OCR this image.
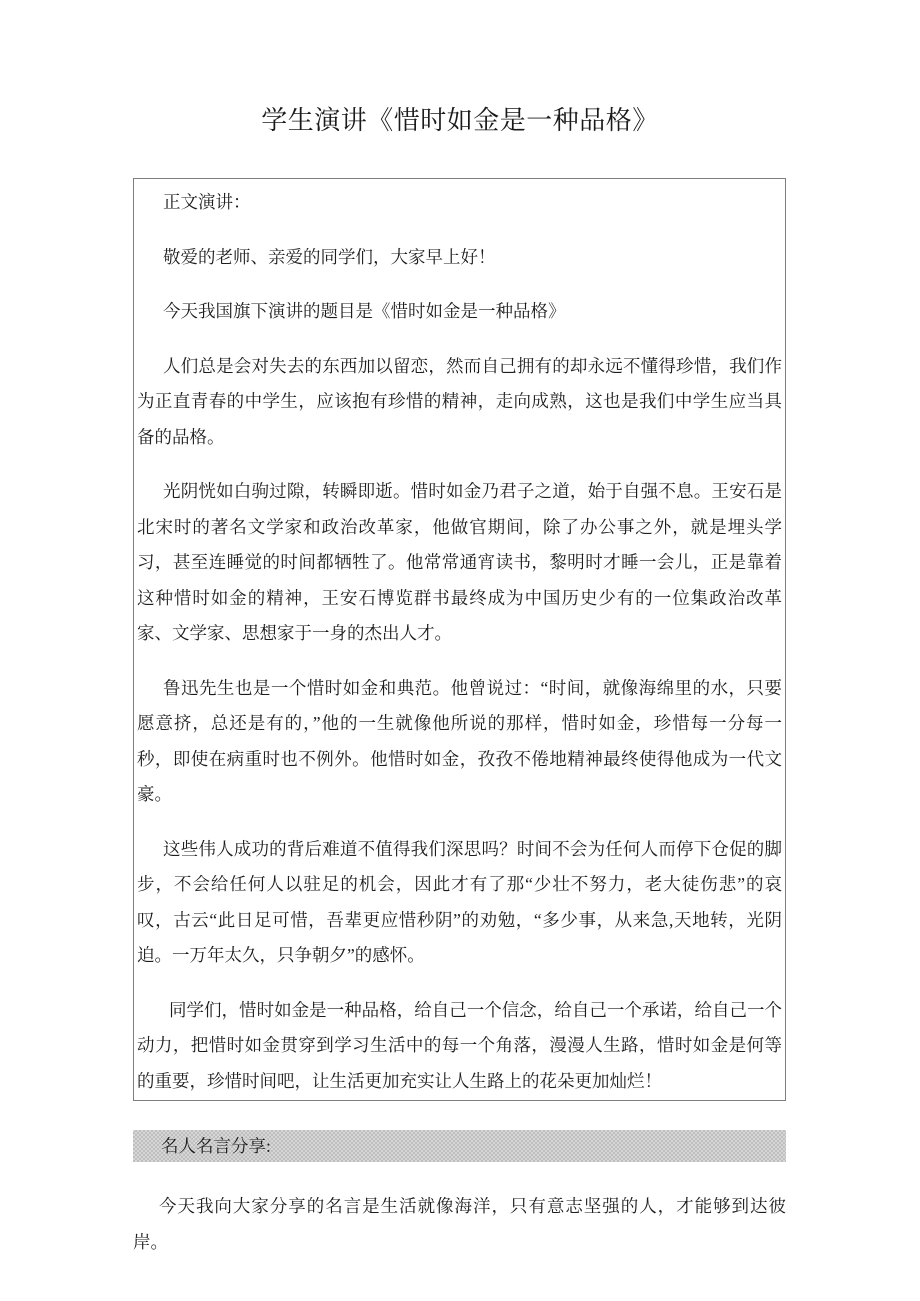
学生演讲《惜时如金是一种品格》

正文演讲：

敬爱的老师、亲爱的同学们，大家早上好！

今天我国旗下演讲的题目是《惜时如金是一种品格》

人们总是会对失去的东西加以留恋，然而自己拥有的却永远不懂得珍惜，我们作为正直青春的中学生，应该抱有珍惜的精神，走向成熟，这也是我们中学生应当具备的品格。

光阴恍如白驹过隙，转瞬即逝。惜时如金乃君子之道，始于自强不息。王安石是北宋时的著名文学家和政治改革家，他做官期间，除了办公事之外，就是埋头学习，甚至连睡觉的时间都牺牲了。他常常通宵读书，黎明时才睡一会儿，正是靠着这种惜时如金的精神，王安石博览群书最终成为中国历史少有的一位集政治改革家、文学家、思想家于一身的杰出人才。

鲁迅先生也是一个惜时如金和典范。他曾说过：“时间，就像海绵里的水，只要愿意挤，总还是有的，”他的一生就像他所说的那样，惜时如金，珍惜每一分每一秒，即使在病重时也不例外。他惜时如金，孜孜不倦地精神最终使得他成为一代文豪。

这些伟人成功的背后难道不值得我们深思吗？时间不会为任何人而停下仓促的脚步，不会给任何人以驻足的机会，因此才有了那“少壮不努力，老大徒伤悲”的哀叹，古云“此日足可惜，吾辈更应惜秒阴”的劝勉，“多少事，从来急,天地转，光阴迫。一万年太久，只争朝夕”的感怀。

同学们，惜时如金是一种品格，给自己一个信念，给自己一个承诺，给自己一个动力，把惜时如金贯穿到学习生活中的每一个角落，漫漫人生路，惜时如金是何等的重要，珍惜时间吧，让生活更加充实让人生路上的花朵更加灿烂！

名人名言分享:

今天我向大家分享的名言是生活就像海洋，只有意志坚强的人，才能够到达彼岸。
